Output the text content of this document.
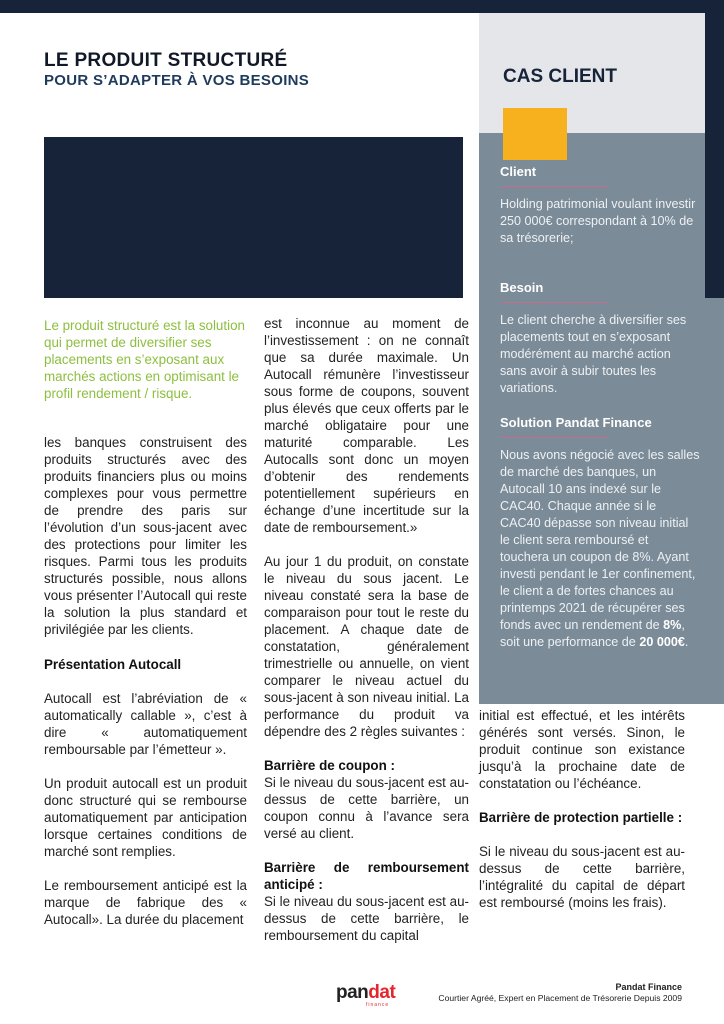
LE PRODUIT STRUCTURÉ
POUR S’ADAPTER À VOS BESOINS	CAS CLIENT
Client
Holding patrimonial voulant investir 250 000€ correspondant à 10% de sa trésorerie;
Besoin
Le client cherche à diversifier ses placements tout en s’exposant modérément au marché action sans avoir à subir toutes les variations.
Solution Pandat Finance
Nous avons négocié avec les salles de marché des banques, un Autocall 10 ans indexé sur le CAC40. Chaque année si le CAC40 dépasse son niveau initial le client sera remboursé et touchera un coupon de 8%. Ayant investi pendant le 1er confinement, le client a de fortes chances au printemps 2021 de récupérer ses fonds avec un rendement de 8%, soit une performance de 20 000€.
Le produit structuré est la solution qui permet de diversifier ses placements en s’exposant aux marchés actions en optimisant le profil rendement / risque.

les banques construisent des produits structurés avec des produits financiers plus ou moins complexes pour vous permettre de prendre des paris sur l’évolution d’un sous-jacent avec des protections pour limiter les risques. Parmi tous les produits structurés possible, nous allons vous présenter l’Autocall qui reste la solution la plus standard et privilégiée par les clients.

Présentation Autocall

Autocall est l’abréviation de « automatically callable », c’est à dire « automatiquement remboursable par l’émetteur ».

Un produit autocall est un produit donc structuré qui se rembourse automatiquement par anticipation lorsque certaines conditions de marché sont remplies.

Le remboursement anticipé est la marque de fabrique des « Autocall». La durée du placement

est inconnue au moment de l’investissement : on ne connaît que sa durée maximale. Un Autocall rémunère l’investisseur sous forme de coupons, souvent plus élevés que ceux offerts par le marché obligataire pour une maturité comparable. Les Autocalls sont donc un moyen d’obtenir des rendements potentiellement supérieurs en échange d’une incertitude sur la date de remboursement.»

Au jour 1 du produit, on constate le niveau du sous jacent. Le niveau constaté sera la base de comparaison pour tout le reste du placement. A chaque date de constatation, généralement trimestrielle ou annuelle, on vient comparer le niveau actuel du sous-jacent à son niveau initial. La performance du produit va dépendre des 2 règles suivantes :

Barrière de coupon :

Si le niveau du sous-jacent est au-dessus de cette barrière, un coupon connu à l’avance sera versé au client.

Barrière de remboursement anticipé :

Si le niveau du sous-jacent est au-dessus de cette barrière, le remboursement du capital

initial est effectué, et les intérêts générés sont versés. Sinon, le produit continue son existance jusqu’à la prochaine date de constatation ou l’échéance.

Barrière de protection partielle :

Si le niveau du sous-jacent est au-dessus de cette barrière, l’intégralité du capital de départ est remboursé (moins les frais).

pandat
finance
Pandat Finance
Courtier Agréé, Expert en Placement de Trésorerie Depuis 2009
